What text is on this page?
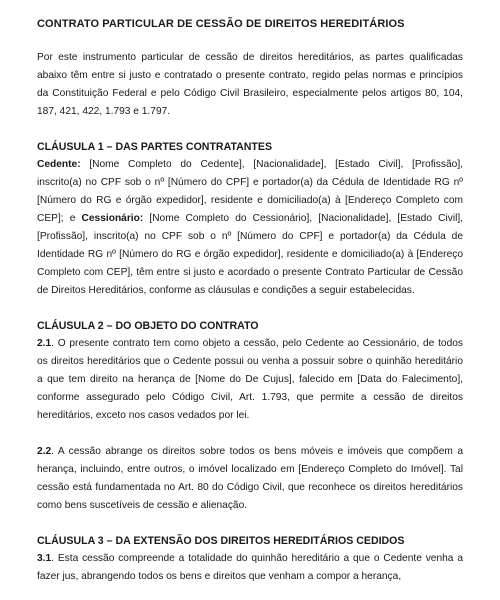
CONTRATO PARTICULAR DE CESSÃO DE DIREITOS HEREDITÁRIOS
Por este instrumento particular de cessão de direitos hereditários, as partes qualificadas abaixo têm entre si justo e contratado o presente contrato, regido pelas normas e princípios da Constituição Federal e pelo Código Civil Brasileiro, especialmente pelos artigos 80, 104, 187, 421, 422, 1.793 e 1.797.
CLÁUSULA 1 – DAS PARTES CONTRATANTES
Cedente: [Nome Completo do Cedente], [Nacionalidade], [Estado Civil], [Profissão], inscrito(a) no CPF sob o nº [Número do CPF] e portador(a) da Cédula de Identidade RG nº [Número do RG e órgão expedidor], residente e domiciliado(a) à [Endereço Completo com CEP]; e Cessionário: [Nome Completo do Cessionário], [Nacionalidade], [Estado Civil], [Profissão], inscrito(a) no CPF sob o nº [Número do CPF] e portador(a) da Cédula de Identidade RG nº [Número do RG e órgão expedidor], residente e domiciliado(a) à [Endereço Completo com CEP], têm entre si justo e acordado o presente Contrato Particular de Cessão de Direitos Hereditários, conforme as cláusulas e condições a seguir estabelecidas.
CLÁUSULA 2 – DO OBJETO DO CONTRATO
2.1. O presente contrato tem como objeto a cessão, pelo Cedente ao Cessionário, de todos os direitos hereditários que o Cedente possui ou venha a possuir sobre o quinhão hereditário a que tem direito na herança de [Nome do De Cujus], falecido em [Data do Falecimento], conforme assegurado pelo Código Civil, Art. 1.793, que permite a cessão de direitos hereditários, exceto nos casos vedados por lei.
2.2. A cessão abrange os direitos sobre todos os bens móveis e imóveis que compõem a herança, incluindo, entre outros, o imóvel localizado em [Endereço Completo do Imóvel]. Tal cessão está fundamentada no Art. 80 do Código Civil, que reconhece os direitos hereditários como bens suscetíveis de cessão e alienação.
CLÁUSULA 3 – DA EXTENSÃO DOS DIREITOS HEREDITÁRIOS CEDIDOS
3.1. Esta cessão compreende a totalidade do quinhão hereditário a que o Cedente venha a fazer jus, abrangendo todos os bens e direitos que venham a compor a herança,
